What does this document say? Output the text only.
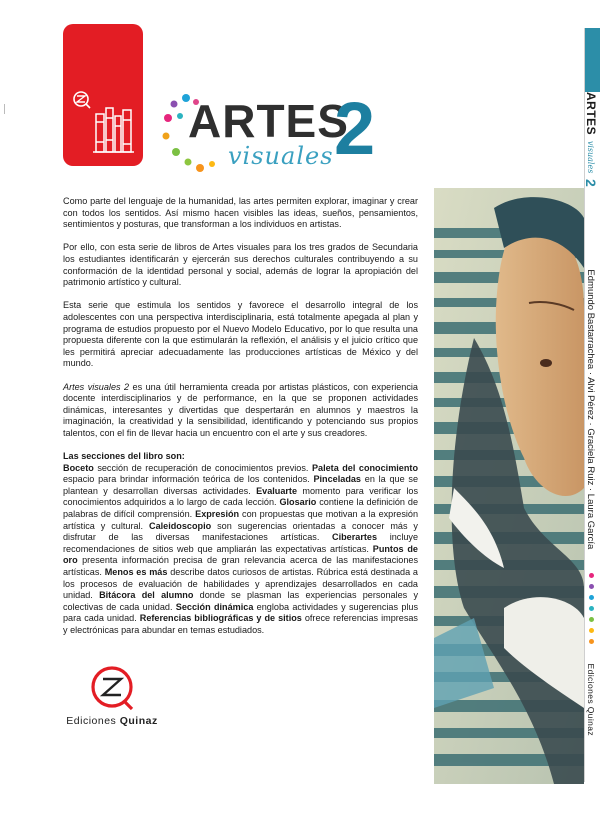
ARTES
visuales 2

Como parte del lenguaje de la humanidad, las artes permiten explorar, imaginar y crear con todos los sentidos. Así mismo hacen visibles las ideas, sueños, pensamientos, sentimientos y posturas, que transforman a los individuos en artistas.

Por ello, con esta serie de libros de Artes visuales para los tres grados de Secundaria los estudiantes identificarán y ejercerán sus derechos culturales contribuyendo a su conformación de la identidad personal y social, además de lograr la apropiación del patrimonio artístico y cultural.

Esta serie que estimula los sentidos y favorece el desarrollo integral de los adolescentes con una perspectiva interdisciplinaria, está totalmente apegada al plan y programa de estudios propuesto por el Nuevo Modelo Educativo, por lo que resulta una propuesta diferente con la que estimularán la reflexión, el análisis y el juicio crítico que les permitirá apreciar adecuadamente las producciones artísticas de México y del mundo.

Artes visuales 2 es una útil herramienta creada por artistas plásticos, con experiencia docente interdisciplinarios y de performance, en la que se proponen actividades dinámicas, interesantes y divertidas que despertarán en alumnos y maestros la imaginación, la creatividad y la sensibilidad, identificando y potenciando sus propios talentos, con el fin de llevar hacia un encuentro con el arte y sus creadores.

Las secciones del libro son:

Boceto sección de recuperación de conocimientos previos. Paleta del conocimiento espacio para brindar información teórica de los contenidos. Pinceladas en la que se plantean y desarrollan diversas actividades. Evaluarte momento para verificar los conocimientos adquiridos a lo largo de cada lección. Glosario contiene la definición de palabras de difícil comprensión. Expresión con propuestas que motivan a la expresión artística y cultural. Caleidoscopio son sugerencias orientadas a conocer más y disfrutar de las diversas manifestaciones artísticas. Ciberartes incluye recomendaciones de sitios web que ampliarán las expectativas artísticas. Puntos de oro presenta información precisa de gran relevancia acerca de las manifestaciones artísticas. Menos es más describe datos curiosos de artistas. Rúbrica está destinada a los procesos de evaluación de habilidades y aprendizajes desarrollados en cada unidad. Bitácora del alumno donde se plasman las experiencias personales y colectivas de cada unidad. Sección dinámica engloba actividades y sugerencias plus para cada unidad. Referencias bibliográficas y de sitios ofrece referencias impresas y electrónicas para abundar en temas estudiados.

Ediciones Quinaz
ARTES visuales 2 Edmundo Bastarrachea · Alvi Pérez · Graciela Ruiz · Laura García  Ediciones Quinaz
